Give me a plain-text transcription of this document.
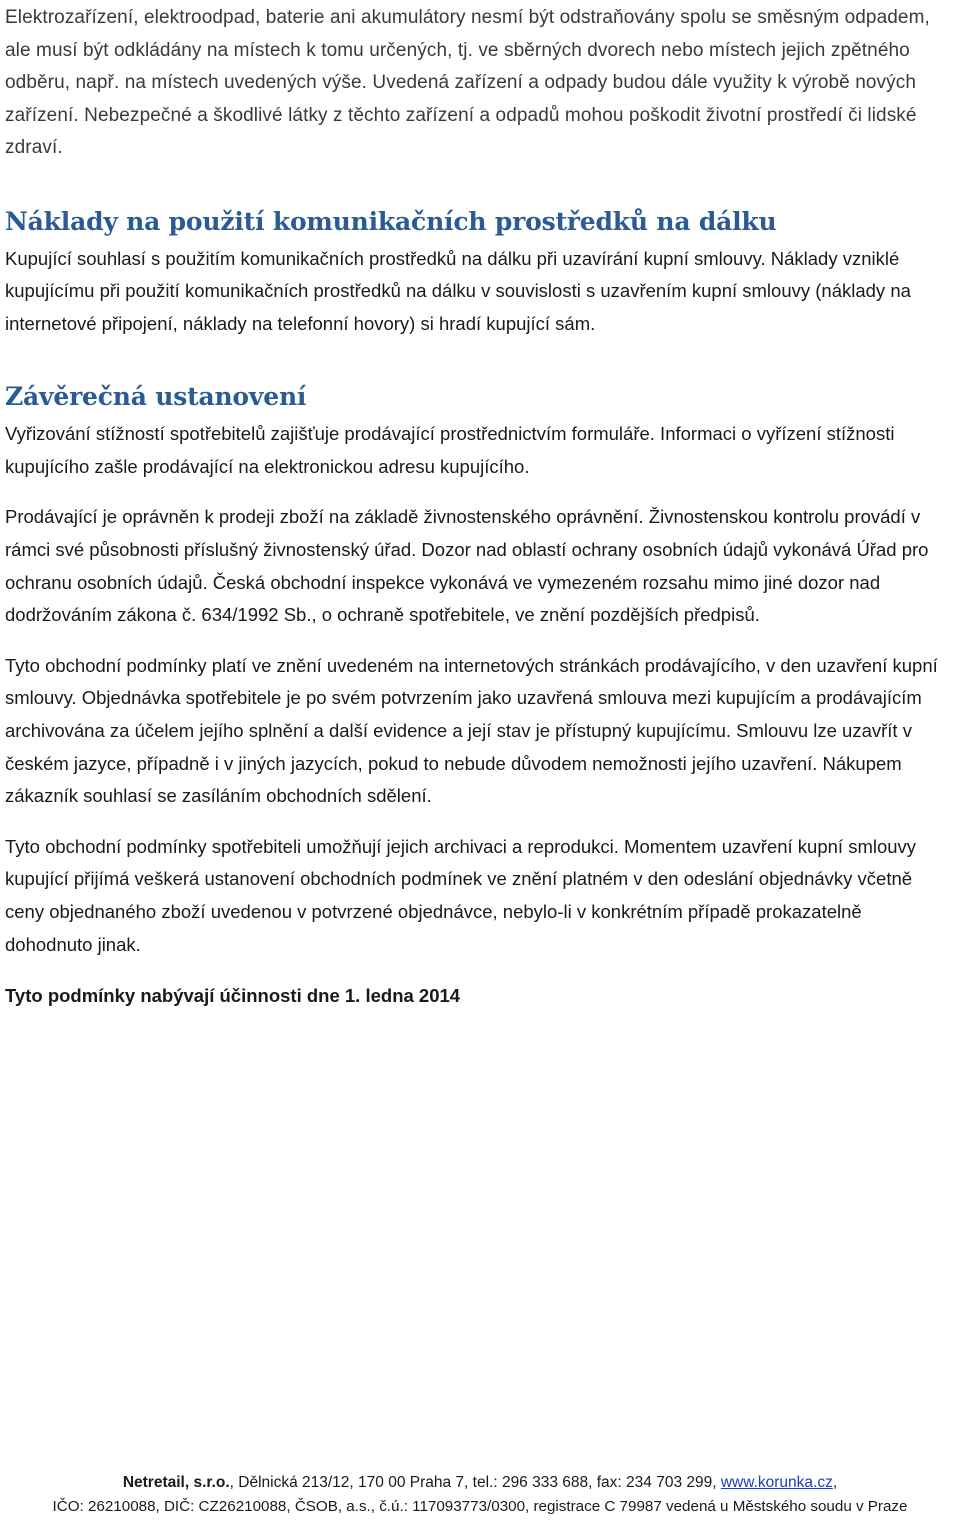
Elektrozařízení, elektroodpad, baterie ani akumulátory nesmí být odstraňovány spolu se směsným odpadem, ale musí být odkládány na místech k tomu určených, tj. ve sběrných dvorech nebo místech jejich zpětného odběru, např. na místech uvedených výše. Uvedená zařízení a odpady budou dále využity k výrobě nových zařízení. Nebezpečné a škodlivé látky z těchto zařízení a odpadů mohou poškodit životní prostředí či lidské zdraví.

Náklady na použití komunikačních prostředků na dálku

Kupující souhlasí s použitím komunikačních prostředků na dálku při uzavírání kupní smlouvy. Náklady vzniklé kupujícímu při použití komunikačních prostředků na dálku v souvislosti s uzavřením kupní smlouvy (náklady na internetové připojení, náklady na telefonní hovory) si hradí kupující sám.

Závěrečná ustanovení

Vyřizování stížností spotřebitelů zajišťuje prodávající prostřednictvím formuláře. Informaci o vyřízení stížnosti kupujícího zašle prodávající na elektronickou adresu kupujícího.

Prodávající je oprávněn k prodeji zboží na základě živnostenského oprávnění. Živnostenskou kontrolu provádí v rámci své působnosti příslušný živnostenský úřad. Dozor nad oblastí ochrany osobních údajů vykonává Úřad pro ochranu osobních údajů. Česká obchodní inspekce vykonává ve vymezeném rozsahu mimo jiné dozor nad dodržováním zákona č. 634/1992 Sb., o ochraně spotřebitele, ve znění pozdějších předpisů.

Tyto obchodní podmínky platí ve znění uvedeném na internetových stránkách prodávajícího, v den uzavření kupní smlouvy. Objednávka spotřebitele je po svém potvrzením jako uzavřená smlouva mezi kupujícím a prodávajícím archivována za účelem jejího splnění a další evidence a její stav je přístupný kupujícímu. Smlouvu lze uzavřít v českém jazyce, případně i v jiných jazycích, pokud to nebude důvodem nemožnosti jejího uzavření. Nákupem zákazník souhlasí se zasíláním obchodních sdělení.

Tyto obchodní podmínky spotřebiteli umožňují jejich archivaci a reprodukci. Momentem uzavření kupní smlouvy kupující přijímá veškerá ustanovení obchodních podmínek ve znění platném v den odeslání objednávky včetně ceny objednaného zboží uvedenou v potvrzené objednávce, nebylo-li v konkrétním případě prokazatelně dohodnuto jinak.

Tyto podmínky nabývají účinnosti dne 1. ledna 2014
Netretail, s.r.o., Dělnická 213/12, 170 00 Praha 7, tel.: 296 333 688, fax: 234 703 299, www.korunka.cz,
IČO: 26210088, DIČ: CZ26210088, ČSOB, a.s., č.ú.: 117093773/0300, registrace C 79987 vedená u Městského soudu v Praze
